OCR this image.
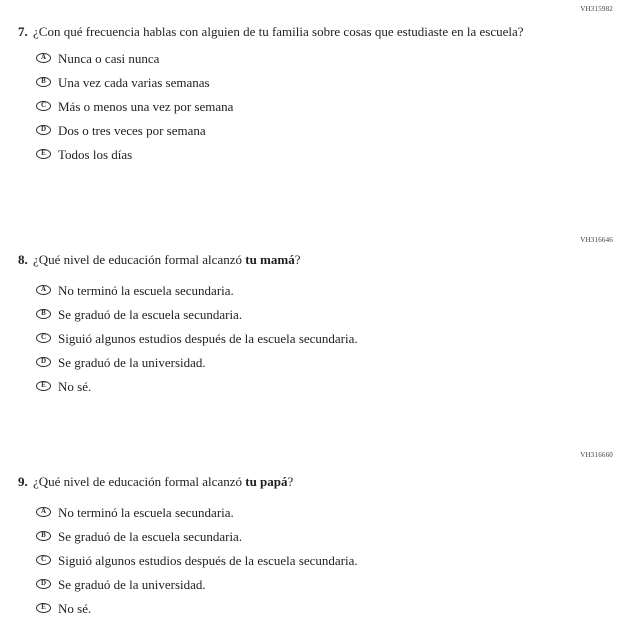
VH315982
VH316646
VH316660
7. ¿Con qué frecuencia hablas con alguien de tu familia sobre cosas que estudiaste en la escuela?
A Nunca o casi nunca
B Una vez cada varias semanas
C Más o menos una vez por semana
D Dos o tres veces por semana
E Todos los días
8. ¿Qué nivel de educación formal alcanzó tu mamá?
A No terminó la escuela secundaria.
B Se graduó de la escuela secundaria.
C Siguió algunos estudios después de la escuela secundaria.
D Se graduó de la universidad.
E No sé.
9. ¿Qué nivel de educación formal alcanzó tu papá?
A No terminó la escuela secundaria.
B Se graduó de la escuela secundaria.
C Siguió algunos estudios después de la escuela secundaria.
D Se graduó de la universidad.
E No sé.
